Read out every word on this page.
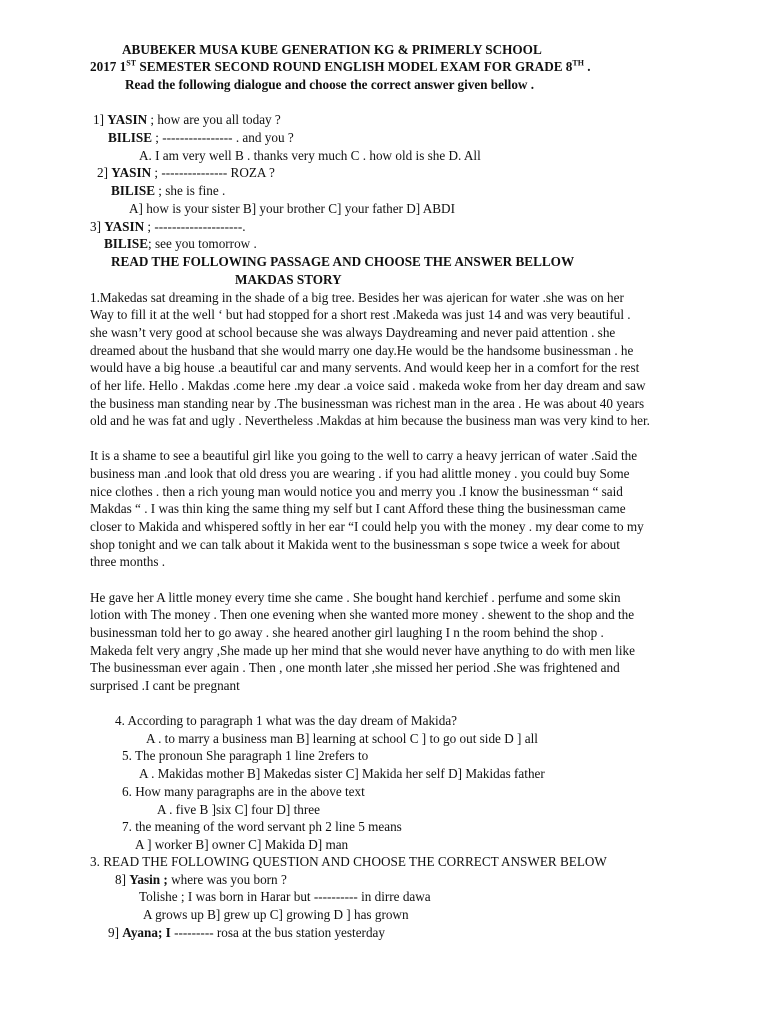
ABUBEKER MUSA KUBE GENERATION KG & PRIMERLY SCHOOL
2017 1ST SEMESTER SECOND ROUND ENGLISH MODEL EXAM FOR GRADE 8TH .
Read the following dialogue and choose the correct answer given bellow .
1] YASIN ; how are you all today ?
BILISE ; ---------------- . and you ?
A. I am very well B . thanks very much C . how old is she D. All
2] YASIN ; --------------- ROZA ?
BILISE ; she is fine .
A] how is your sister B] your brother C] your father D] ABDI
3] YASIN ; --------------------.
BILISE; see you tomorrow .
READ THE FOLLOWING PASSAGE AND CHOOSE THE ANSWER BELLOW
MAKDAS STORY
1.Makedas sat dreaming in the shade of a big tree. Besides her was ajerican for water .she was on her
Way to fill it at the well ‘ but had stopped for a short rest .Makeda was just 14 and was very beautiful .
she wasn’t very good at school because she was always Daydreaming and never paid attention . she
dreamed about the husband that she would marry one day.He would be the handsome businessman . he
would have a big house .a beautiful car and many servents. And would keep her in a comfort for the rest
of her life. Hello . Makdas .come here .my dear .a voice said . makeda woke from her day dream and saw
the business man standing near by .The businessman was richest man in the area . He was about 40 years
old and he was fat and ugly . Nevertheless .Makdas at him because the business man was very kind to her.
It is a shame to see a beautiful girl like you going to the well to carry a heavy jerrican of water .Said the
business man .and look that old dress you are wearing . if you had alittle money . you could buy Some
nice clothes . then a rich young man would notice you and merry you .I know the businessman “ said
Makdas “ . I was thin king the same thing my self but I cant Afford these thing the businessman came
closer to Makida and whispered softly in her ear “I could help you with the money . my dear come to my
shop tonight and we can talk about it Makida went to the businessman s sope twice a week for about
three months .
He gave her A little money every time she came . She bought hand kerchief . perfume and some skin
lotion with The money . Then one evening when she wanted more money . shewent to the shop and the
businessman told her to go away . she heared another girl laughing I n the room behind the shop .
Makeda felt very angry ,She made up her mind that she would never have anything to do with men like
The businessman ever again . Then , one month later ,she missed her period .She was frightened and
surprised .I cant be pregnant
4. According to paragraph 1 what was the day dream of Makida?
A . to marry a business man B] learning at school C ] to go out side D ] all
5. The pronoun She paragraph 1 line 2refers to
A . Makidas mother B] Makedas sister C] Makida her self D] Makidas father
6. How many paragraphs are in the above text
A . five B ]six C] four D] three
7. the meaning of the word servant ph 2 line 5 means
A ] worker B] owner C] Makida D] man
3. READ THE FOLLOWING QUESTION AND CHOOSE THE CORRECT ANSWER BELOW
8] Yasin ; where was you born ?
Tolishe ; I was born in Harar but ---------- in dirre dawa
A grows up B] grew up C] growing D ] has grown
9] Ayana; I --------- rosa at the bus station yesterday
